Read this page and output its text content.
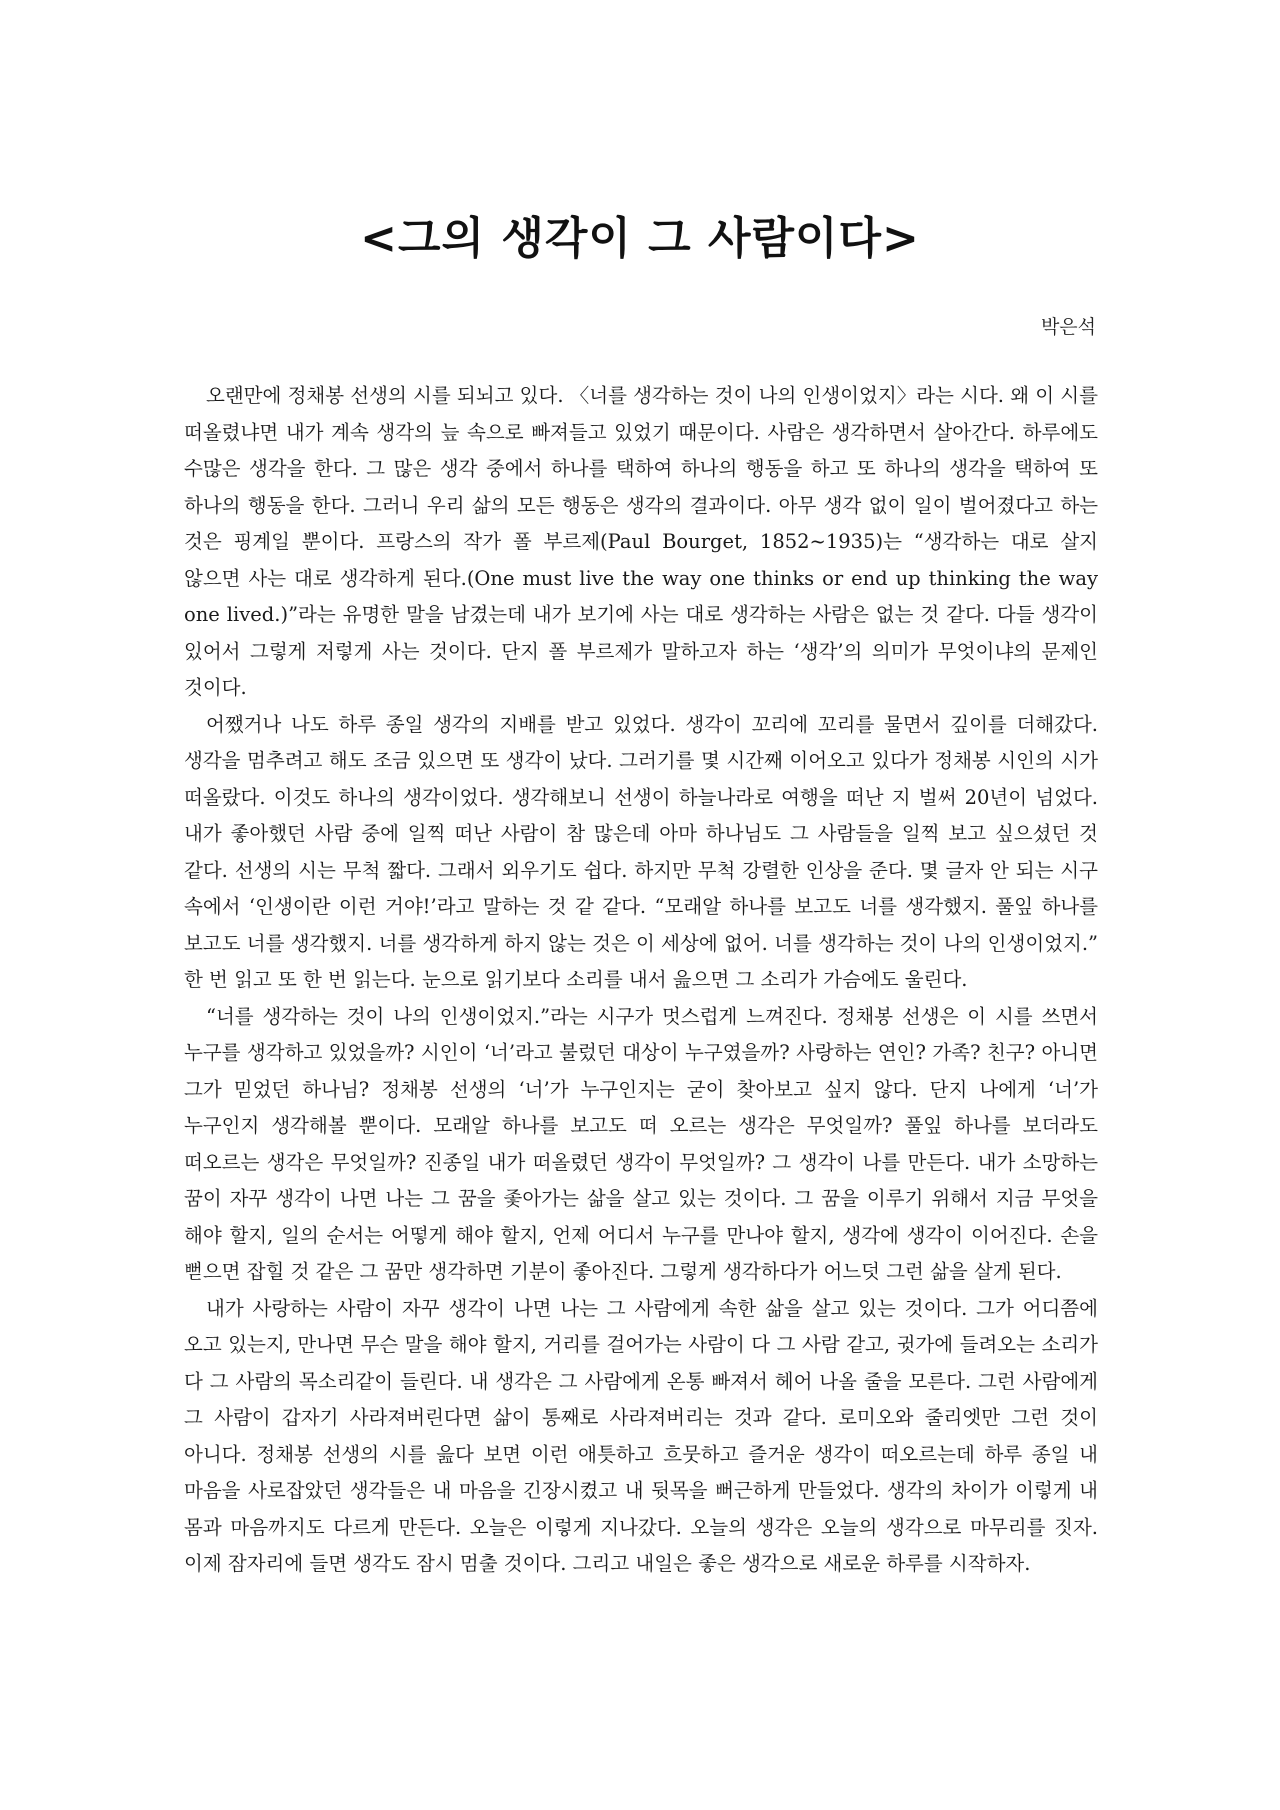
<그의 생각이 그 사람이다>
박은석

오랜만에 정채봉 선생의 시를 되뇌고 있다. 〈너를 생각하는 것이 나의 인생이었지〉라는 시다. 왜 이 시를 떠올렸냐면 내가 계속 생각의 늪 속으로 빠져들고 있었기 때문이다. 사람은 생각하면서 살아간다. 하루에도 수많은 생각을 한다. 그 많은 생각 중에서 하나를 택하여 하나의 행동을 하고 또 하나의 생각을 택하여 또 하나의 행동을 한다. 그러니 우리 삶의 모든 행동은 생각의 결과이다. 아무 생각 없이 일이 벌어졌다고 하는 것은 핑계일 뿐이다. 프랑스의 작가 폴 부르제(Paul Bourget, 1852~1935)는 “생각하는 대로 살지 않으면 사는 대로 생각하게 된다.(One must live the way one thinks or end up thinking the way one lived.)”라는 유명한 말을 남겼는데 내가 보기에 사는 대로 생각하는 사람은 없는 것 같다. 다들 생각이 있어서 그렇게 저렇게 사는 것이다. 단지 폴 부르제가 말하고자 하는 ‘생각’의 의미가 무엇이냐의 문제인 것이다.

어쨌거나 나도 하루 종일 생각의 지배를 받고 있었다. 생각이 꼬리에 꼬리를 물면서 깊이를 더해갔다. 생각을 멈추려고 해도 조금 있으면 또 생각이 났다. 그러기를 몇 시간째 이어오고 있다가 정채봉 시인의 시가 떠올랐다. 이것도 하나의 생각이었다. 생각해보니 선생이 하늘나라로 여행을 떠난 지 벌써 20년이 넘었다. 내가 좋아했던 사람 중에 일찍 떠난 사람이 참 많은데 아마 하나님도 그 사람들을 일찍 보고 싶으셨던 것 같다. 선생의 시는 무척 짧다. 그래서 외우기도 쉽다. 하지만 무척 강렬한 인상을 준다. 몇 글자 안 되는 시구 속에서 ‘인생이란 이런 거야!’라고 말하는 것 같 같다. “모래알 하나를 보고도 너를 생각했지. 풀잎 하나를 보고도 너를 생각했지. 너를 생각하게 하지 않는 것은 이 세상에 없어. 너를 생각하는 것이 나의 인생이었지.” 한 번 읽고 또 한 번 읽는다. 눈으로 읽기보다 소리를 내서 읊으면 그 소리가 가슴에도 울린다.

“너를 생각하는 것이 나의 인생이었지.”라는 시구가 멋스럽게 느껴진다. 정채봉 선생은 이 시를 쓰면서 누구를 생각하고 있었을까? 시인이 ‘너’라고 불렀던 대상이 누구였을까? 사랑하는 연인? 가족? 친구? 아니면 그가 믿었던 하나님? 정채봉 선생의 ‘너’가 누구인지는 굳이 찾아보고 싶지 않다. 단지 나에게 ‘너’가 누구인지 생각해볼 뿐이다. 모래알 하나를 보고도 떠 오르는 생각은 무엇일까? 풀잎 하나를 보더라도 떠오르는 생각은 무엇일까? 진종일 내가 떠올렸던 생각이 무엇일까? 그 생각이 나를 만든다. 내가 소망하는 꿈이 자꾸 생각이 나면 나는 그 꿈을 좇아가는 삶을 살고 있는 것이다. 그 꿈을 이루기 위해서 지금 무엇을 해야 할지, 일의 순서는 어떻게 해야 할지, 언제 어디서 누구를 만나야 할지, 생각에 생각이 이어진다. 손을 뻗으면 잡힐 것 같은 그 꿈만 생각하면 기분이 좋아진다. 그렇게 생각하다가 어느덧 그런 삶을 살게 된다.

내가 사랑하는 사람이 자꾸 생각이 나면 나는 그 사람에게 속한 삶을 살고 있는 것이다. 그가 어디쯤에 오고 있는지, 만나면 무슨 말을 해야 할지, 거리를 걸어가는 사람이 다 그 사람 같고, 귓가에 들려오는 소리가 다 그 사람의 목소리같이 들린다. 내 생각은 그 사람에게 온통 빠져서 헤어 나올 줄을 모른다. 그런 사람에게 그 사람이 갑자기 사라져버린다면 삶이 통째로 사라져버리는 것과 같다. 로미오와 줄리엣만 그런 것이 아니다. 정채봉 선생의 시를 읊다 보면 이런 애틋하고 흐뭇하고 즐거운 생각이 떠오르는데 하루 종일 내 마음을 사로잡았던 생각들은 내 마음을 긴장시켰고 내 뒷목을 뻐근하게 만들었다. 생각의 차이가 이렇게 내 몸과 마음까지도 다르게 만든다. 오늘은 이렇게 지나갔다. 오늘의 생각은 오늘의 생각으로 마무리를 짓자. 이제 잠자리에 들면 생각도 잠시 멈출 것이다. 그리고 내일은 좋은 생각으로 새로운 하루를 시작하자.
